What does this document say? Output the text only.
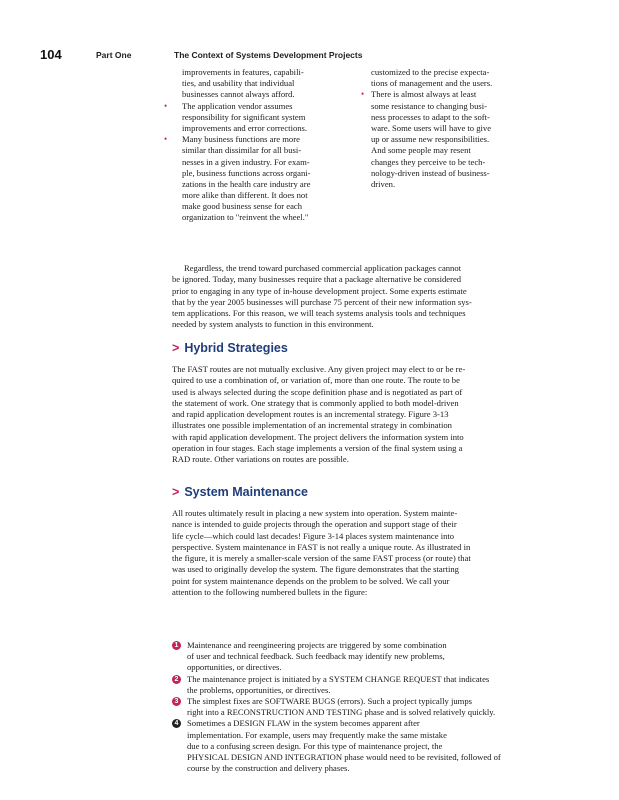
104	Part One	The Context of Systems Development Projects
improvements in features, capabili-
ties, and usability that individual
businesses cannot always afford.
• The application vendor assumes
responsibility for significant system
improvements and error corrections.
• Many business functions are more
similar than dissimilar for all busi-
nesses in a given industry. For exam-
ple, business functions across organi-
zations in the health care industry are
more alike than different. It does not
make good business sense for each
organization to "reinvent the wheel."
customized to the precise expecta-
tions of management and the users.
• There is almost always at least
some resistance to changing busi-
ness processes to adapt to the soft-
ware. Some users will have to give
up or assume new responsibilities.
And some people may resent
changes they perceive to be tech-
nology-driven instead of business-
driven.
Regardless, the trend toward purchased commercial application packages cannot
be ignored. Today, many businesses require that a package alternative be considered
prior to engaging in any type of in-house development project. Some experts estimate
that by the year 2005 businesses will purchase 75 percent of their new information sys-
tem applications. For this reason, we will teach systems analysis tools and techniques
needed by system analysts to function in this environment.
> Hybrid Strategies
The FAST routes are not mutually exclusive. Any given project may elect to or be re-
quired to use a combination of, or variation of, more than one route. The route to be
used is always selected during the scope definition phase and is negotiated as part of
the statement of work. One strategy that is commonly applied to both model-driven
and rapid application development routes is an incremental strategy. Figure 3-13
illustrates one possible implementation of an incremental strategy in combination
with rapid application development. The project delivers the information system into
operation in four stages. Each stage implements a version of the final system using a
RAD route. Other variations on routes are possible.
> System Maintenance
All routes ultimately result in placing a new system into operation. System mainte-
nance is intended to guide projects through the operation and support stage of their
life cycle—which could last decades! Figure 3-14 places system maintenance into
perspective. System maintenance in FAST is not really a unique route. As illustrated in
the figure, it is merely a smaller-scale version of the same FAST process (or route) that
was used to originally develop the system. The figure demonstrates that the starting
point for system maintenance depends on the problem to be solved. We call your
attention to the following numbered bullets in the figure:
1 Maintenance and reengineering projects are triggered by some combination
of user and technical feedback. Such feedback may identify new problems,
opportunities, or directives.
2 The maintenance project is initiated by a SYSTEM CHANGE REQUEST that indicates
the problems, opportunities, or directives.
3 The simplest fixes are SOFTWARE BUGS (errors). Such a project typically jumps
right into a RECONSTRUCTION AND TESTING phase and is solved relatively quickly.
4 Sometimes a DESIGN FLAW in the system becomes apparent after
implementation. For example, users may frequently make the same mistake
due to a confusing screen design. For this type of maintenance project, the
PHYSICAL DESIGN AND INTEGRATION phase would need to be revisited, followed of
course by the construction and delivery phases.
